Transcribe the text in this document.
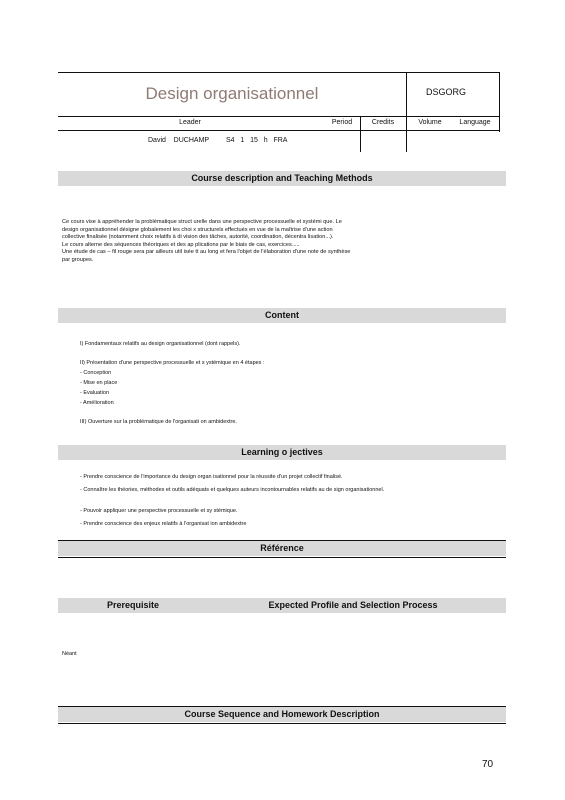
Design organisationnel	DSGORG
Leader	Period	Credits	Volume	Language
David    DUCHAMP S4   1   15   h   FRA
Course description and Teaching Methods
Ce cours vise à appréhender la problématique struct urelle dans une perspective processuelle et systémi que. Le
design organisationnel désigne globalement les choi x structurels effectués en vue de la maîtrise d'une action
collective finalisée (notamment choix relatifs à di vision des tâches, autorité, coordination, décentra lisation...).
Le cours alterne des séquences théoriques et des ap plications par le biais de cas, exercices.....
Une étude de cas – fil rouge sera par ailleurs util isée tt au long et fera l'objet de l'élaboration d'une note de synthèse
par groupes.
Content
I) Fondamentaux relatifs au design organisationnel (dont rappels).
II) Présentation d'une perspective processuelle et s ystémique en 4 étapes :
- Conception
- Mise en place
- Evaluation
- Amélioration
III) Ouverture sur la problématique de l'organisati on ambidextre.
Learning o jectives
- Prendre conscience de l'importance du design organ isationnel pour la réussite d'un projet collectif finalisé.
- Connaître les théories, méthodes et outils adéquats et quelques auteurs incontournables relatifs au de sign organisationnel.
- Pouvoir appliquer une perspective processuelle et sy stémique.
- Prendre conscience des enjeux relatifs à l'organisat ion ambidextre
Référence
Prerequisite	Expected Profile and Selection Process
Néant
Course Sequence and Homework Description
70
